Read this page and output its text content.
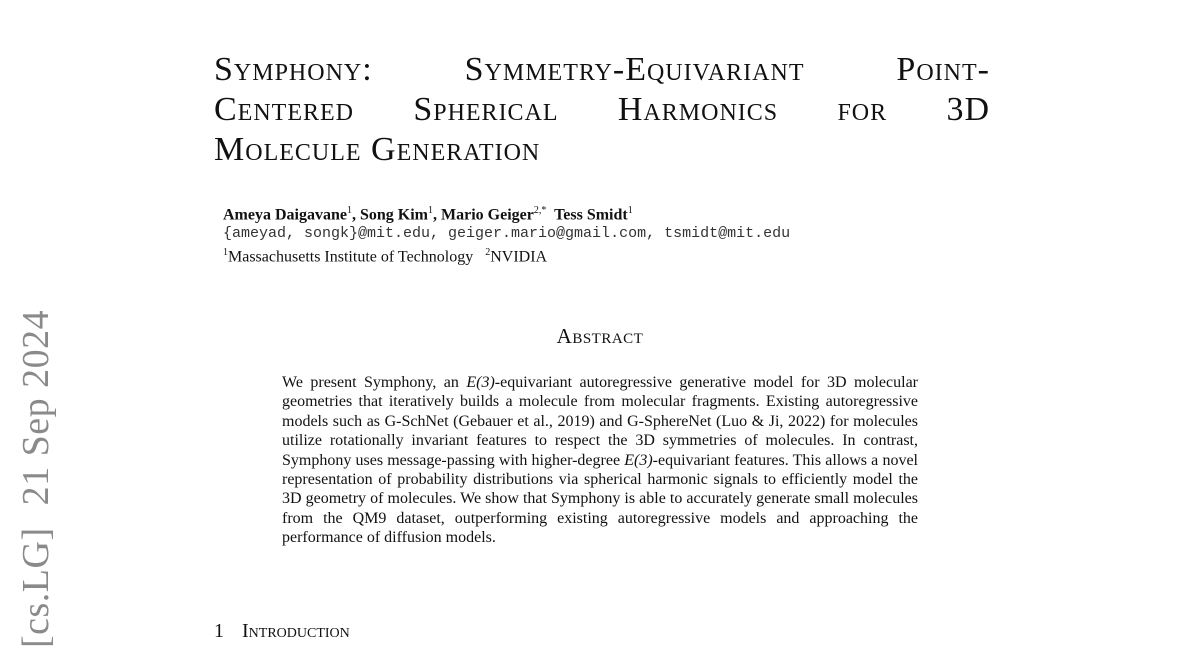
[cs.LG]21 Sep 2024
Symphony:	Symmetry-Equivariant	Point-
Centered Spherical Harmonics for 3D
Molecule Generation
Ameya Daigavane$^1$, Song Kim$^1$, Mario Geiger$^{2,*}$ Tess Smidt$^1$
{ameyad, songk}@mit.edu, geiger.mario@gmail.com, tsmidt@mit.edu
$^1$Massachusetts Institute of Technology $^2$NVIDIA
Abstract
We present Symphony, an E(3)-equivariant autoregressive generative model for 3D molecular geometries that iteratively builds a molecule from molecular fragments. Existing autoregressive models such as G-SchNet (Gebauer et al., 2019) and G-SphereNet (Luo & Ji, 2022) for molecules utilize rotationally invariant features to respect the 3D symmetries of molecules. In contrast, Symphony uses message-passing with higher-degree E(3)-equivariant features. This allows a novel representation of probability distributions via spherical harmonic signals to efficiently model the 3D geometry of molecules. We show that Symphony is able to accurately generate small molecules from the QM9 dataset, outperforming existing autoregressive models and approaching the performance of diffusion models.
1 Introduction
